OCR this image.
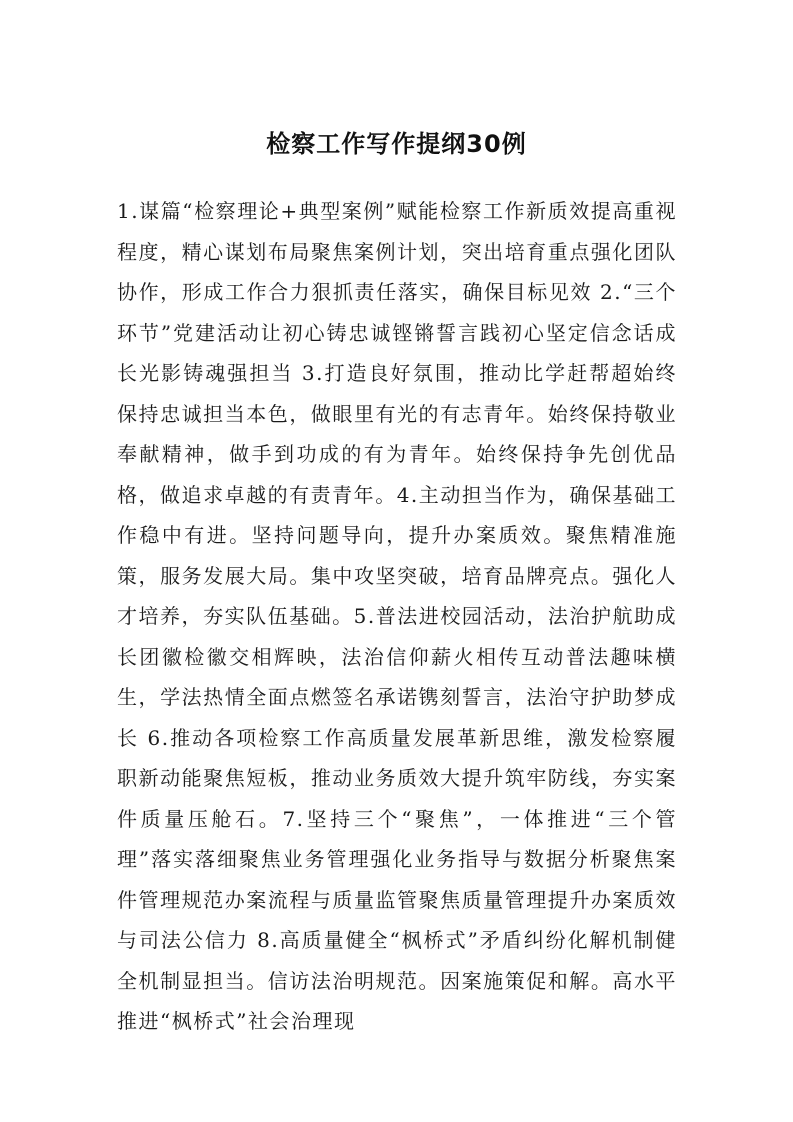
检察工作写作提纲30例

1.谋篇“检察理论+典型案例”赋能检察工作新质效提高重视程度，精心谋划布局聚焦案例计划，突出培育重点强化团队协作，形成工作合力狠抓责任落实，确保目标见效 2.“三个环节”党建活动让初心铸忠诚铿锵誓言践初心坚定信念话成长光影铸魂强担当 3.打造良好氛围，推动比学赶帮超始终保持忠诚担当本色，做眼里有光的有志青年。始终保持敬业奉献精神，做手到功成的有为青年。始终保持争先创优品格，做追求卓越的有责青年。4.主动担当作为，确保基础工作稳中有进。坚持问题导向，提升办案质效。聚焦精准施策，服务发展大局。集中攻坚突破，培育品牌亮点。强化人才培养，夯实队伍基础。5.普法进校园活动，法治护航助成长团徽检徽交相辉映，法治信仰薪火相传互动普法趣味横生，学法热情全面点燃签名承诺镌刻誓言，法治守护助梦成长 6.推动各项检察工作高质量发展革新思维，激发检察履职新动能聚焦短板，推动业务质效大提升筑牢防线，夯实案件质量压舱石。7.坚持三个“聚焦”，一体推进“三个管理”落实落细聚焦业务管理强化业务指导与数据分析聚焦案件管理规范办案流程与质量监管聚焦质量管理提升办案质效与司法公信力 8.高质量健全“枫桥式”矛盾纠纷化解机制健全机制显担当。信访法治明规范。因案施策促和解。高水平推进“枫桥式”社会治理现
